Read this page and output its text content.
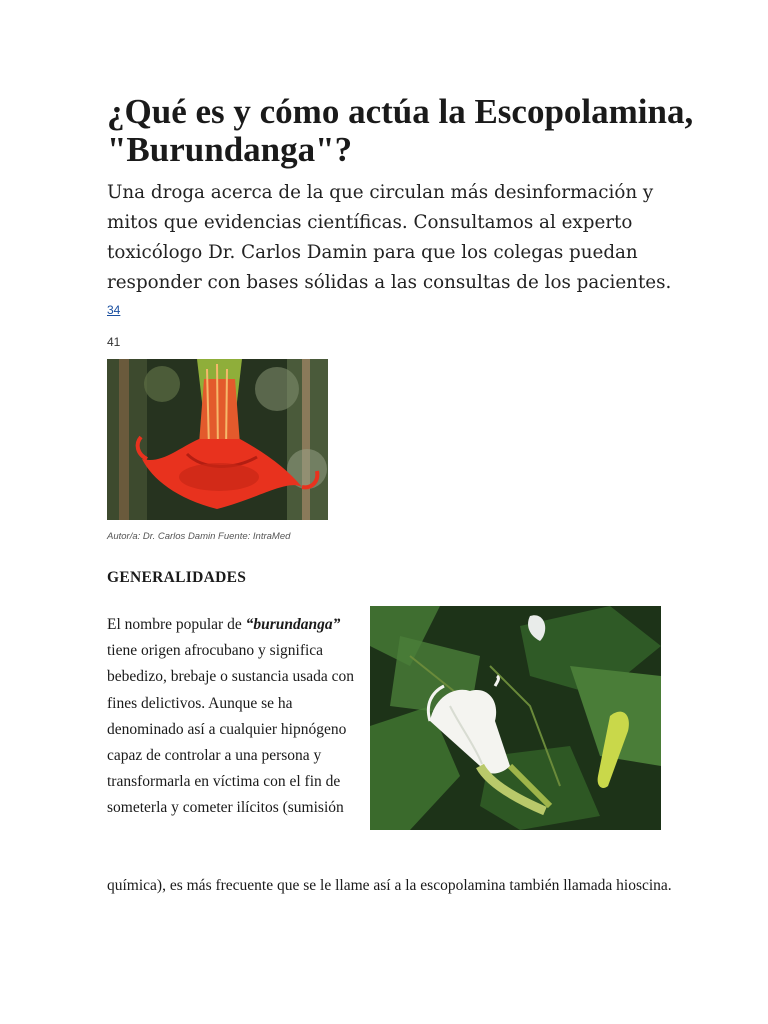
¿Qué es y cómo actúa la Escopolamina, "Burundanga"?

Una droga acerca de la que circulan más desinformación y mitos que evidencias científicas. Consultamos al experto toxicólogo Dr. Carlos Damin para que los colegas puedan responder con bases sólidas a las consultas de los pacientes.

34
41
Autor/a: Dr. Carlos Damin Fuente: IntraMed
GENERALIDADES

El nombre popular de “burundanga” tiene origen afrocubano y significa bebedizo, brebaje o sustancia usada con fines delictivos. Aunque se ha denominado así a cualquier hipnógeno capaz de controlar a una persona y transformarla en víctima con el fin de someterla y cometer ilícitos (sumisión

química), es más frecuente que se le llame así a la escopolamina también llamada hioscina.
